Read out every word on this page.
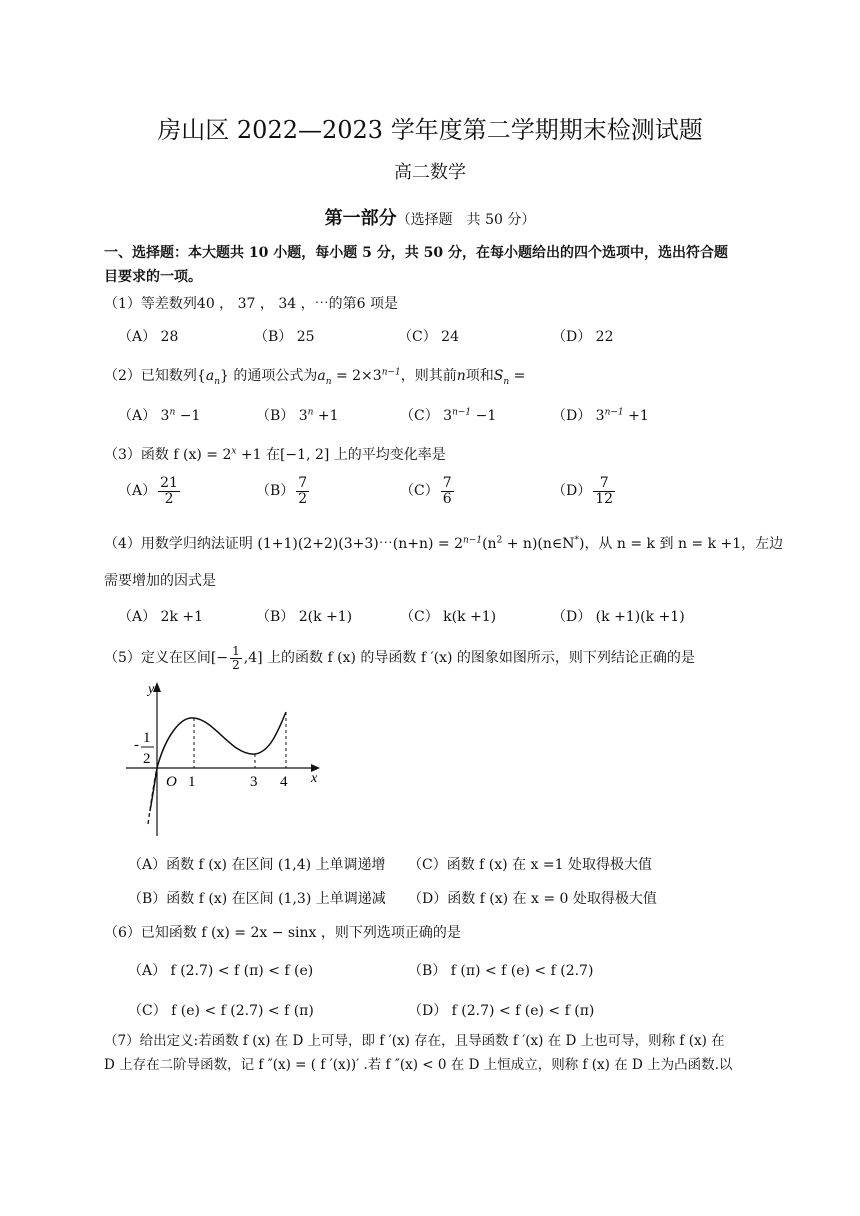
房山区 2022—2023 学年度第二学期期末检测试题
高二数学
第一部分（选择题　共 50 分）
一、选择题：本大题共 10 小题，每小题 5 分，共 50 分，在每小题给出的四个选项中，选出符合题
目要求的一项。
（1）等差数列40 ， 37 ， 34 ，⋯的第6 项是
（A） 28	（B） 25	（C） 24	（D） 22
（2）已知数列$\{a_n\}$ 的通项公式为$a_n = 2\times 3^{n-1}$，则其前n项和$S_n$ =
（A） $3^n -1$	（B） $3^n +1$	（C） $3^{n-1} -1$	（D） $3^{n-1} +1$
（3）函数 f $(x) = 2^x +1$ 在[−1, 2] 上的平均变化率是
$(A) \frac{21}{2}$	$(B) \frac{7}{2}$	$(C) \frac{7}{6}$	$(D) \frac{7}{12}$
（4）用数学归纳法证明 (1+1)(2+2)(3+3)⋯(n+n) = $2^{n-1}(n^2$ + n)(n∈N*)，从 n = k 到 n = k +1，左边
需要增加的因式是
（A） 2k +1	（B） 2(k +1)	（C） k(k +1)	（D） (k +1)(k +1)
（5）定义在区间[− $\frac{1}{2} ,4$] 上的函数 f (x) 的导函数 f ′(x) 的图象如图所示，则下列结论正确的是
y
x
O 1	3 4
- 1
2
（A）函数 f (x) 在区间 (1,4) 上单调递增 （C）函数 f (x) 在 x =1 处取得极大值
（B）函数 f (x) 在区间 (1,3) 上单调递减 （D）函数 f (x) 在 x = 0 处取得极大值
（6）已知函数 f (x) = 2x − sinx ，则下列选项正确的是
（A） f (2.7) < f (π) < f (e)	（B） f (π) < f (e) < f (2.7)
（C） f (e) < f (2.7) < f (π)	（D） f (2.7) < f (e) < f (π)
（7）给出定义:若函数 f (x) 在 D 上可导，即 f ′(x) 存在，且导函数 f ′(x) 在 D 上也可导，则称 f (x) 在
D 上存在二阶导函数，记 f ″(x) = ( f ′(x))′ .若 f ″(x) < 0 在 D 上恒成立，则称 f (x) 在 D 上为凸函数.以
